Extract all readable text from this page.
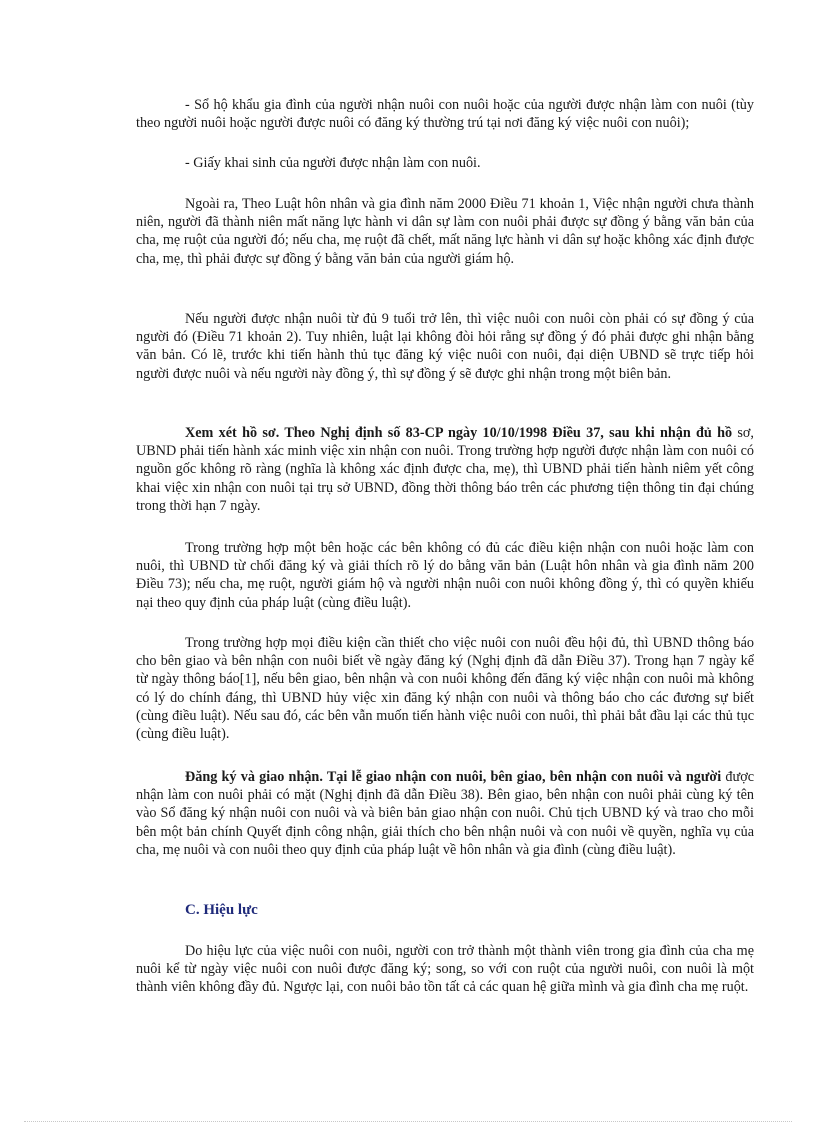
- Sổ hộ khẩu gia đình của người nhận nuôi con nuôi hoặc của người được nhận làm con nuôi (tùy theo người nuôi hoặc người được nuôi có đăng ký thường trú tại nơi đăng ký việc nuôi con nuôi);

- Giấy khai sinh của người được nhận làm con nuôi.

Ngoài ra, Theo Luật hôn nhân và gia đình năm 2000 Điều 71 khoản 1, Việc nhận người chưa thành niên, người đã thành niên mất năng lực hành vi dân sự làm con nuôi phải được sự đồng ý bằng văn bản của cha, mẹ ruột của người đó; nếu cha, mẹ ruột đã chết, mất năng lực hành vi dân sự hoặc không xác định được cha, mẹ, thì phải được sự đồng ý bằng văn bản của người giám hộ.

Nếu người được nhận nuôi từ đủ 9 tuổi trở lên, thì việc nuôi con nuôi còn phải có sự đồng ý của người đó (Điều 71 khoản 2). Tuy nhiên, luật lại không đòi hỏi rằng sự đồng ý đó phải được ghi nhận bằng văn bản. Có lẽ, trước khi tiến hành thủ tục đăng ký việc nuôi con nuôi, đại diện UBND sẽ trực tiếp hỏi người được nuôi và nếu người này đồng ý, thì sự đồng ý sẽ được ghi nhận trong một biên bản.

Xem xét hồ sơ. Theo Nghị định số 83-CP ngày 10/10/1998 Điều 37, sau khi nhận đủ hồ sơ, UBND phải tiến hành xác minh việc xin nhận con nuôi. Trong trường hợp người được nhận làm con nuôi có nguồn gốc không rõ ràng (nghĩa là không xác định được cha, mẹ), thì UBND phải tiến hành niêm yết công khai việc xin nhận con nuôi tại trụ sở UBND, đồng thời thông báo trên các phương tiện thông tin đại chúng trong thời hạn 7 ngày.

Trong trường hợp một bên hoặc các bên không có đủ các điều kiện nhận con nuôi hoặc làm con nuôi, thì UBND từ chối đăng ký và giải thích rõ lý do bằng văn bản (Luật hôn nhân và gia đình năm 200 Điều 73); nếu cha, mẹ ruột, người giám hộ và người nhận nuôi con nuôi không đồng ý, thì có quyền khiếu nại theo quy định của pháp luật (cùng điều luật).

Trong trường hợp mọi điều kiện cần thiết cho việc nuôi con nuôi đều hội đủ, thì UBND thông báo cho bên giao và bên nhận con nuôi biết về ngày đăng ký (Nghị định đã dẫn Điều 37). Trong hạn 7 ngày kể từ ngày thông báo[1], nếu bên giao, bên nhận và con nuôi không đến đăng ký việc nhận con nuôi mà không có lý do chính đáng, thì UBND hủy việc xin đăng ký nhận con nuôi và thông báo cho các đương sự biết (cùng điều luật). Nếu sau đó, các bên vẫn muốn tiến hành việc nuôi con nuôi, thì phải bắt đầu lại các thủ tục (cùng điều luật).

Đăng ký và giao nhận. Tại lễ giao nhận con nuôi, bên giao, bên nhận con nuôi và người được nhận làm con nuôi phải có mặt (Nghị định đã dẫn Điều 38). Bên giao, bên nhận con nuôi phải cùng ký tên vào Sổ đăng ký nhận nuôi con nuôi và và biên bản giao nhận con nuôi. Chủ tịch UBND ký và trao cho mỗi bên một bản chính Quyết định công nhận, giải thích cho bên nhận nuôi và con nuôi về quyền, nghĩa vụ của cha, mẹ nuôi và con nuôi theo quy định của pháp luật về hôn nhân và gia đình (cùng điều luật).

C. Hiệu lực

Do hiệu lực của việc nuôi con nuôi, người con trở thành một thành viên trong gia đình của cha mẹ nuôi kể từ ngày việc nuôi con nuôi được đăng ký; song, so với con ruột của người nuôi, con nuôi là một thành viên không đầy đủ. Ngược lại, con nuôi bảo tồn tất cả các quan hệ giữa mình và gia đình cha mẹ ruột.
